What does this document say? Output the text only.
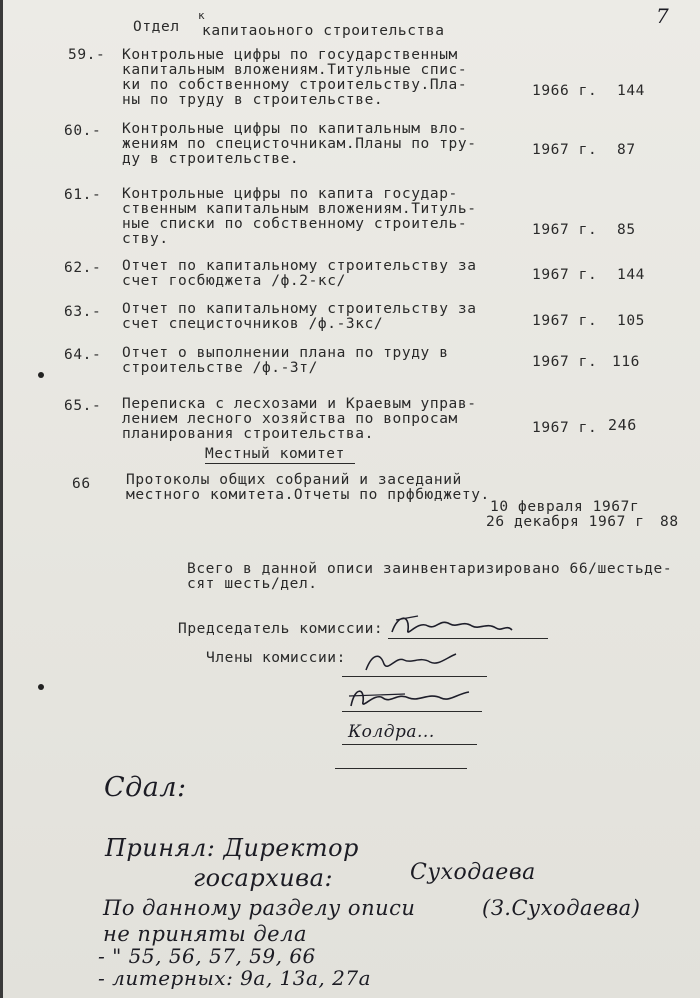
7
Отдел
к
капитаоьного строительства
59.- Контрольные цифры по государственным
капитальным вложениям.Титульные спис-
ки по собственному строительству.Пла-
ны по труду в строительстве.
1966 г. 144
60.- Контрольные цифры по капитальным вло-
жениям по специсточникам.Планы по тру-
ду в строительстве.
1967 г. 87
61.- Контрольные цифры по капита государ-
ственным капитальным вложениям.Титуль-
ные списки по собственному строитель-
ству.
1967 г. 85
62.- Отчет по капитальному строительству за
счет госбюджета /ф.2-кс/	1967 г. 144
63.- Отчет по капитальному строительству за
счет специсточников /ф.-3кс/	1967 г. 105
64.- Отчет о выполнении плана по труду в
строительстве /ф.-3т/	1967 г. 116
65.- Переписка с лесхозами и Краевым управ-
лением лесного хозяйства по вопросам
планирования строительства.	1967 г. 246
Местный комитет
66 Протоколы общих собраний и заседаний
местного комитета.Отчеты по прфбюджету.
10 февраля 1967г
26 декабря 1967 г 88
Всего в данной описи заинвентаризировано 66/шестьде-
сят шесть/дел.
Председатель комиссии:
Члены комиссии:
Колдра...
Сдал:
Принял: Директор
госархива:	Суходаева
(З.Суходаева)
По данному разделу описи
не приняты дела
- " 55, 56, 57, 59, 66
- литерных: 9а, 13а, 27а
